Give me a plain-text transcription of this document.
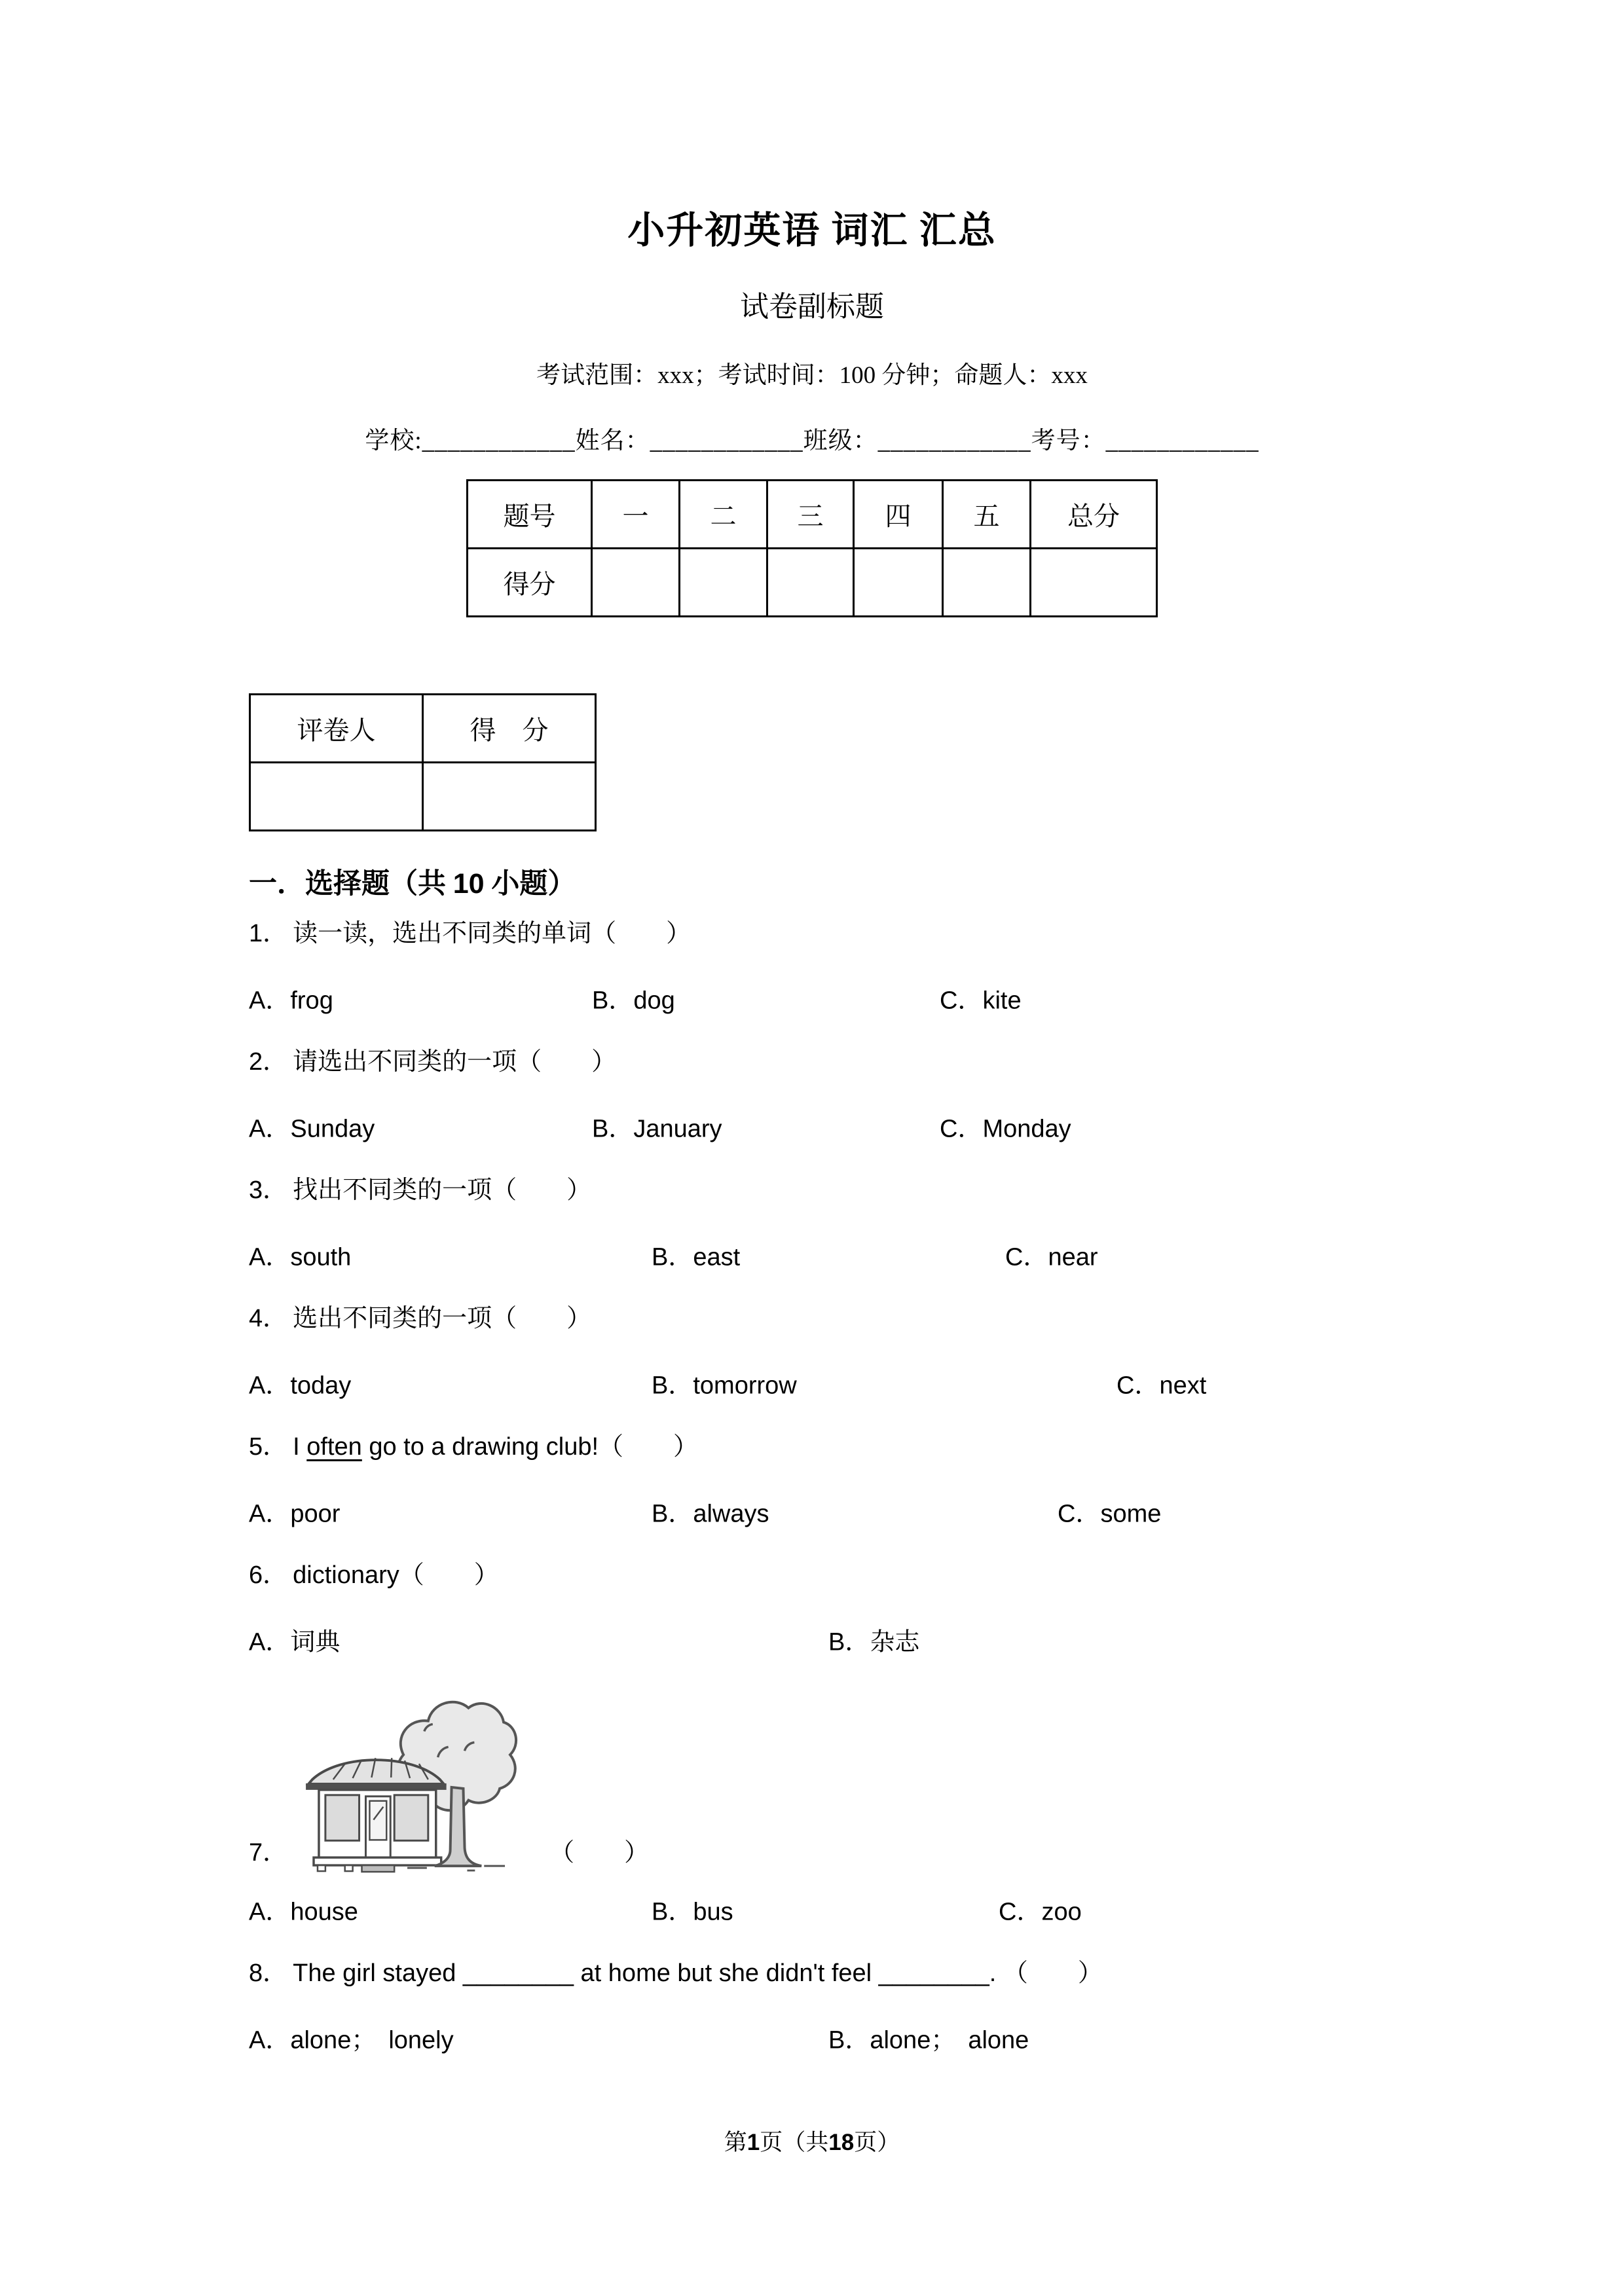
小升初英语 词汇 汇总
试卷副标题
考试范围：xxx；考试时间：100 分钟；命题人：xxx
学校:____________姓名：____________班级：____________考号：____________
题号	一	二	三	四	五	总分
得分						
评卷人	得　分

一．选择题（共 10 小题）
1． 读一读，选出不同类的单词（　　）
A．frog	B．dog	C．kite
2． 请选出不同类的一项（　　）
A．Sunday	B．January	C．Monday
3． 找出不同类的一项（　　）
A．south	B．east	C．near
4． 选出不同类的一项（　　）
A．today	B．tomorrow	C．next
5． I often go to a drawing club!（　　）
A．poor	B．always	C．some
6． dictionary（　　）
A．词典	B．杂志
7．	（　　）
A．house	B．bus	C．zoo
8． The girl stayed ________ at home but she didn't feel ________. （　　）
A．alone；　lonely	B．alone；　alone
第1页（共18页）
